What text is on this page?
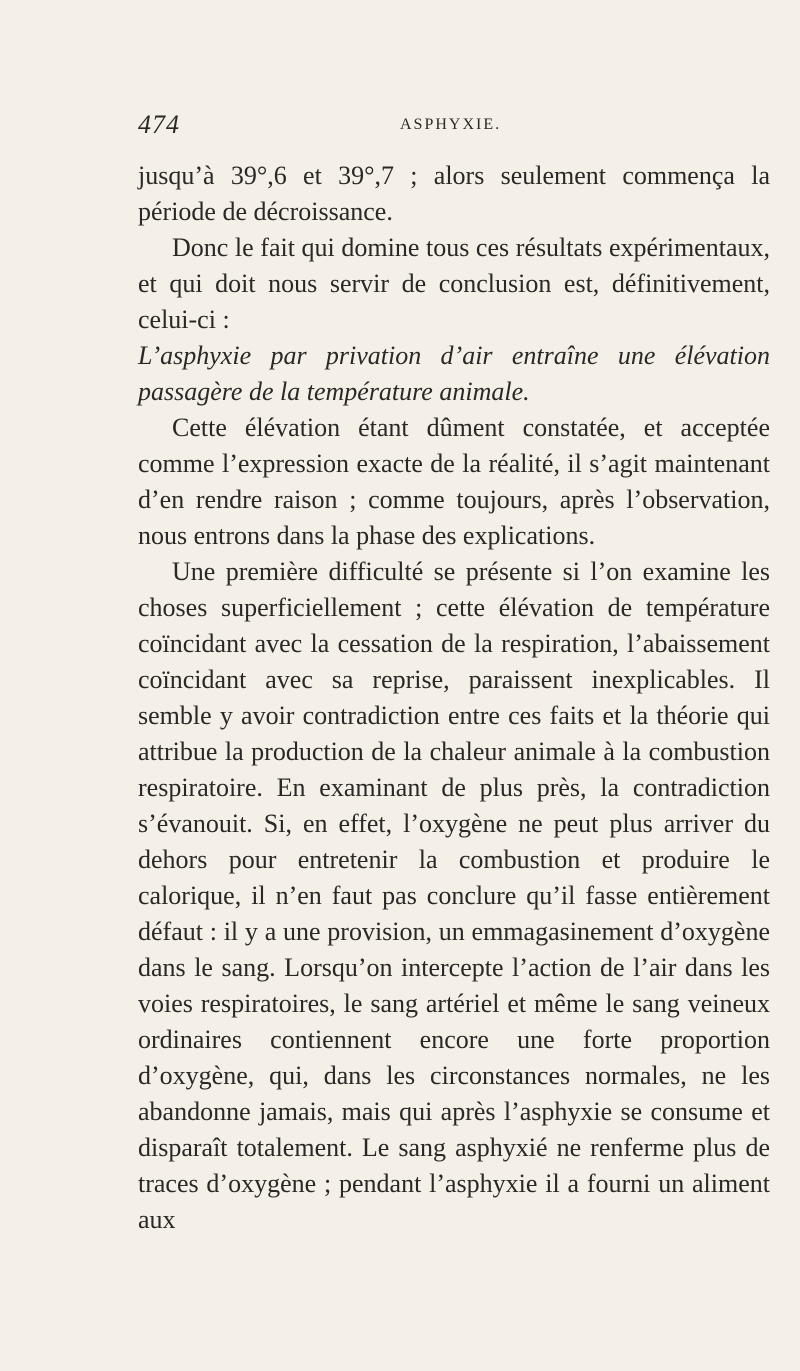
474	ASPHYXIE.

jusqu’à 39°,6 et 39°,7 ; alors seulement commença la période de décroissance.

Donc le fait qui domine tous ces résultats expérimentaux, et qui doit nous servir de conclusion est, définitivement, celui-ci :

L’asphyxie par privation d’air entraîne une élévation passagère de la température animale.

Cette élévation étant dûment constatée, et acceptée comme l’expression exacte de la réalité, il s’agit maintenant d’en rendre raison ; comme toujours, après l’observation, nous entrons dans la phase des explications.

Une première difficulté se présente si l’on examine les choses superficiellement ; cette élévation de température coïncidant avec la cessation de la respiration, l’abaissement coïncidant avec sa reprise, paraissent inexplicables. Il semble y avoir contradiction entre ces faits et la théorie qui attribue la production de la chaleur animale à la combustion respiratoire. En examinant de plus près, la contradiction s’évanouit. Si, en effet, l’oxygène ne peut plus arriver du dehors pour entretenir la combustion et produire le calorique, il n’en faut pas conclure qu’il fasse entièrement défaut : il y a une provision, un emmagasinement d’oxygène dans le sang. Lorsqu’on intercepte l’action de l’air dans les voies respiratoires, le sang artériel et même le sang veineux ordinaires contiennent encore une forte proportion d’oxygène, qui, dans les circonstances normales, ne les abandonne jamais, mais qui après l’asphyxie se consume et disparaît totalement. Le sang asphyxié ne renferme plus de traces d’oxygène ; pendant l’asphyxie il a fourni un aliment aux
